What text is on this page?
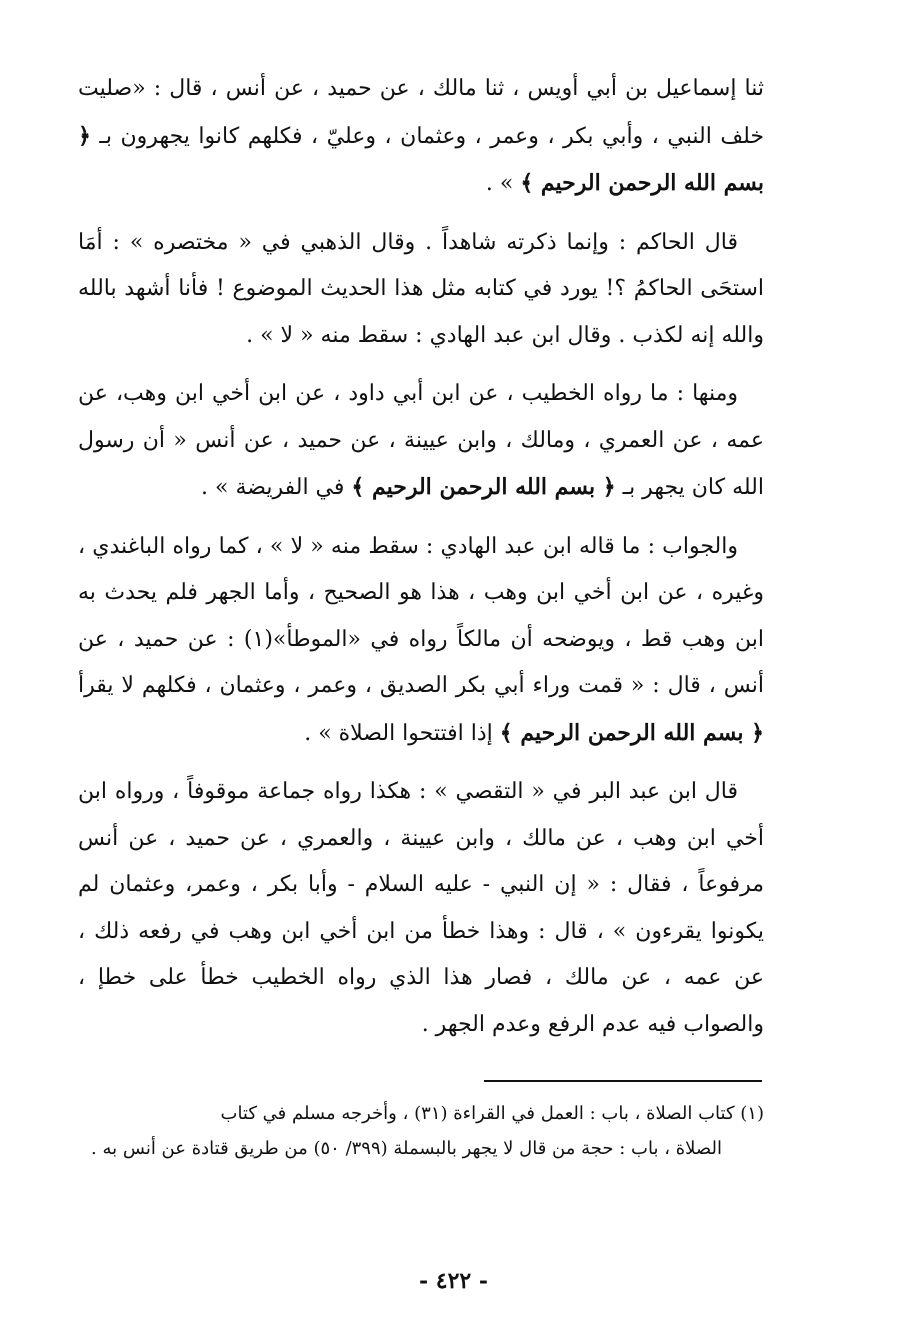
ثنا إسماعيل بن أبي أويس ، ثنا مالك ، عن حميد ، عن أنس ، قال : «صليت خلف النبي ، وأبي بكر ، وعمر ، وعثمان ، وعليّ ، فكلهم كانوا يجهرون بـ ﴿ بسم الله الرحمن الرحيم ﴾ » .

قال الحاكم : وإنما ذكرته شاهداً . وقال الذهبي في « مختصره » : أمَا استحَى الحاكمُ ؟! يورد في كتابه مثل هذا الحديث الموضوع ! فأنا أشهد بالله والله إنه لكذب . وقال ابن عبد الهادي : سقط منه « لا » .

ومنها : ما رواه الخطيب ، عن ابن أبي داود ، عن ابن أخي ابن وهب، عن عمه ، عن العمري ، ومالك ، وابن عيينة ، عن حميد ، عن أنس « أن رسول الله كان يجهر بـ ﴿ بسم الله الرحمن الرحيم ﴾ في الفريضة » .

والجواب : ما قاله ابن عبد الهادي : سقط منه « لا » ، كما رواه الباغندي ، وغيره ، عن ابن أخي ابن وهب ، هذا هو الصحيح ، وأما الجهر فلم يحدث به ابن وهب قط ، ويوضحه أن مالكاً رواه في «الموطأ»(١) : عن حميد ، عن أنس ، قال : « قمت وراء أبي بكر الصديق ، وعمر ، وعثمان ، فكلهم لا يقرأ ﴿ بسم الله الرحمن الرحيم ﴾ إذا افتتحوا الصلاة » .

قال ابن عبد البر في « التقصي » : هكذا رواه جماعة موقوفاً ، ورواه ابن أخي ابن وهب ، عن مالك ، وابن عيينة ، والعمري ، عن حميد ، عن أنس مرفوعاً ، فقال : « إن النبي - عليه السلام - وأبا بكر ، وعمر، وعثمان لم يكونوا يقرءون » ، قال : وهذا خطأ من ابن أخي ابن وهب في رفعه ذلك ، عن عمه ، عن مالك ، فصار هذا الذي رواه الخطيب خطأ على خطإ ، والصواب فيه عدم الرفع وعدم الجهر .

(١) كتاب الصلاة ، باب : العمل في القراءة (٣١) ، وأخرجه مسلم في كتاب
الصلاة ، باب : حجة من قال لا يجهر بالبسملة (٣٩٩/ ٥٠) من طريق قتادة عن أنس به .
- ٤٢٢ -
